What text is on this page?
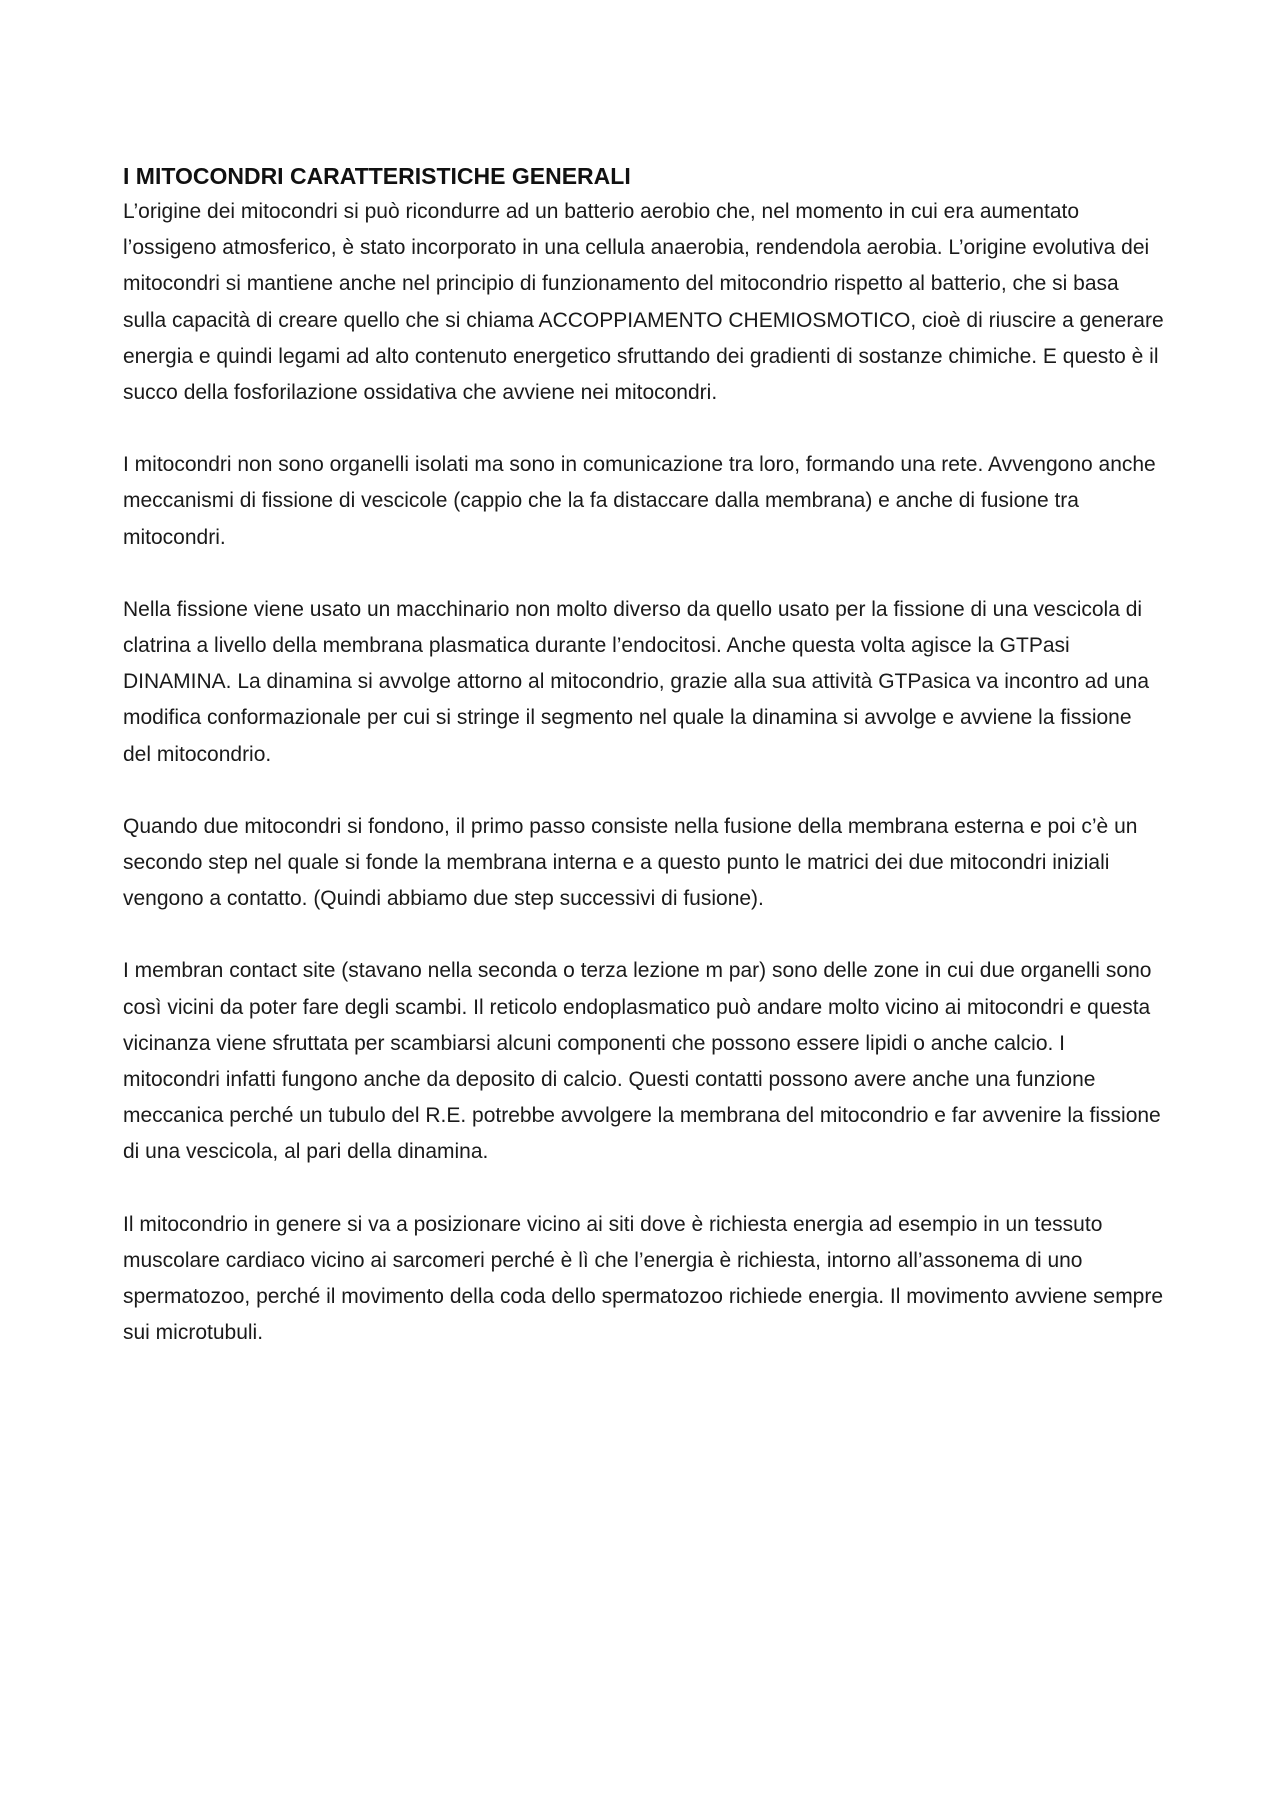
I MITOCONDRI CARATTERISTICHE GENERALI

L’origine dei mitocondri si può ricondurre ad un batterio aerobio che, nel momento in cui era aumentato l’ossigeno atmosferico, è stato incorporato in una cellula anaerobia, rendendola aerobia. L’origine evolutiva dei mitocondri si mantiene anche nel principio di funzionamento del mitocondrio rispetto al batterio, che si basa sulla capacità di creare quello che si chiama ACCOPPIAMENTO CHEMIOSMOTICO, cioè di riuscire a generare energia e quindi legami ad alto contenuto energetico sfruttando dei gradienti di sostanze chimiche. E questo è il succo della fosforilazione ossidativa che avviene nei mitocondri.

I mitocondri non sono organelli isolati ma sono in comunicazione tra loro, formando una rete. Avvengono anche meccanismi di fissione di vescicole (cappio che la fa distaccare dalla membrana) e anche di fusione tra mitocondri.

Nella fissione viene usato un macchinario non molto diverso da quello usato per la fissione di una vescicola di clatrina a livello della membrana plasmatica durante l’endocitosi. Anche questa volta agisce la GTPasi DINAMINA. La dinamina si avvolge attorno al mitocondrio, grazie alla sua attività GTPasica va incontro ad una modifica conformazionale per cui si stringe il segmento nel quale la dinamina si avvolge e avviene la fissione del mitocondrio.

Quando due mitocondri si fondono, il primo passo consiste nella fusione della membrana esterna e poi c’è un secondo step nel quale si fonde la membrana interna e a questo punto le matrici dei due mitocondri iniziali vengono a contatto. (Quindi abbiamo due step successivi di fusione).

I membran contact site (stavano nella seconda o terza lezione m par) sono delle zone in cui due organelli sono così vicini da poter fare degli scambi. Il reticolo endoplasmatico può andare molto vicino ai mitocondri e questa vicinanza viene sfruttata per scambiarsi alcuni componenti che possono essere lipidi o anche calcio. I mitocondri infatti fungono anche da deposito di calcio. Questi contatti possono avere anche una funzione meccanica perché un tubulo del R.E. potrebbe avvolgere la membrana del mitocondrio e far avvenire la fissione di una vescicola, al pari della dinamina.

Il mitocondrio in genere si va a posizionare vicino ai siti dove è richiesta energia ad esempio in un tessuto muscolare cardiaco vicino ai sarcomeri perché è lì che l’energia è richiesta, intorno all’assonema di uno spermatozoo, perché il movimento della coda dello spermatozoo richiede energia. Il movimento avviene sempre sui microtubuli.
